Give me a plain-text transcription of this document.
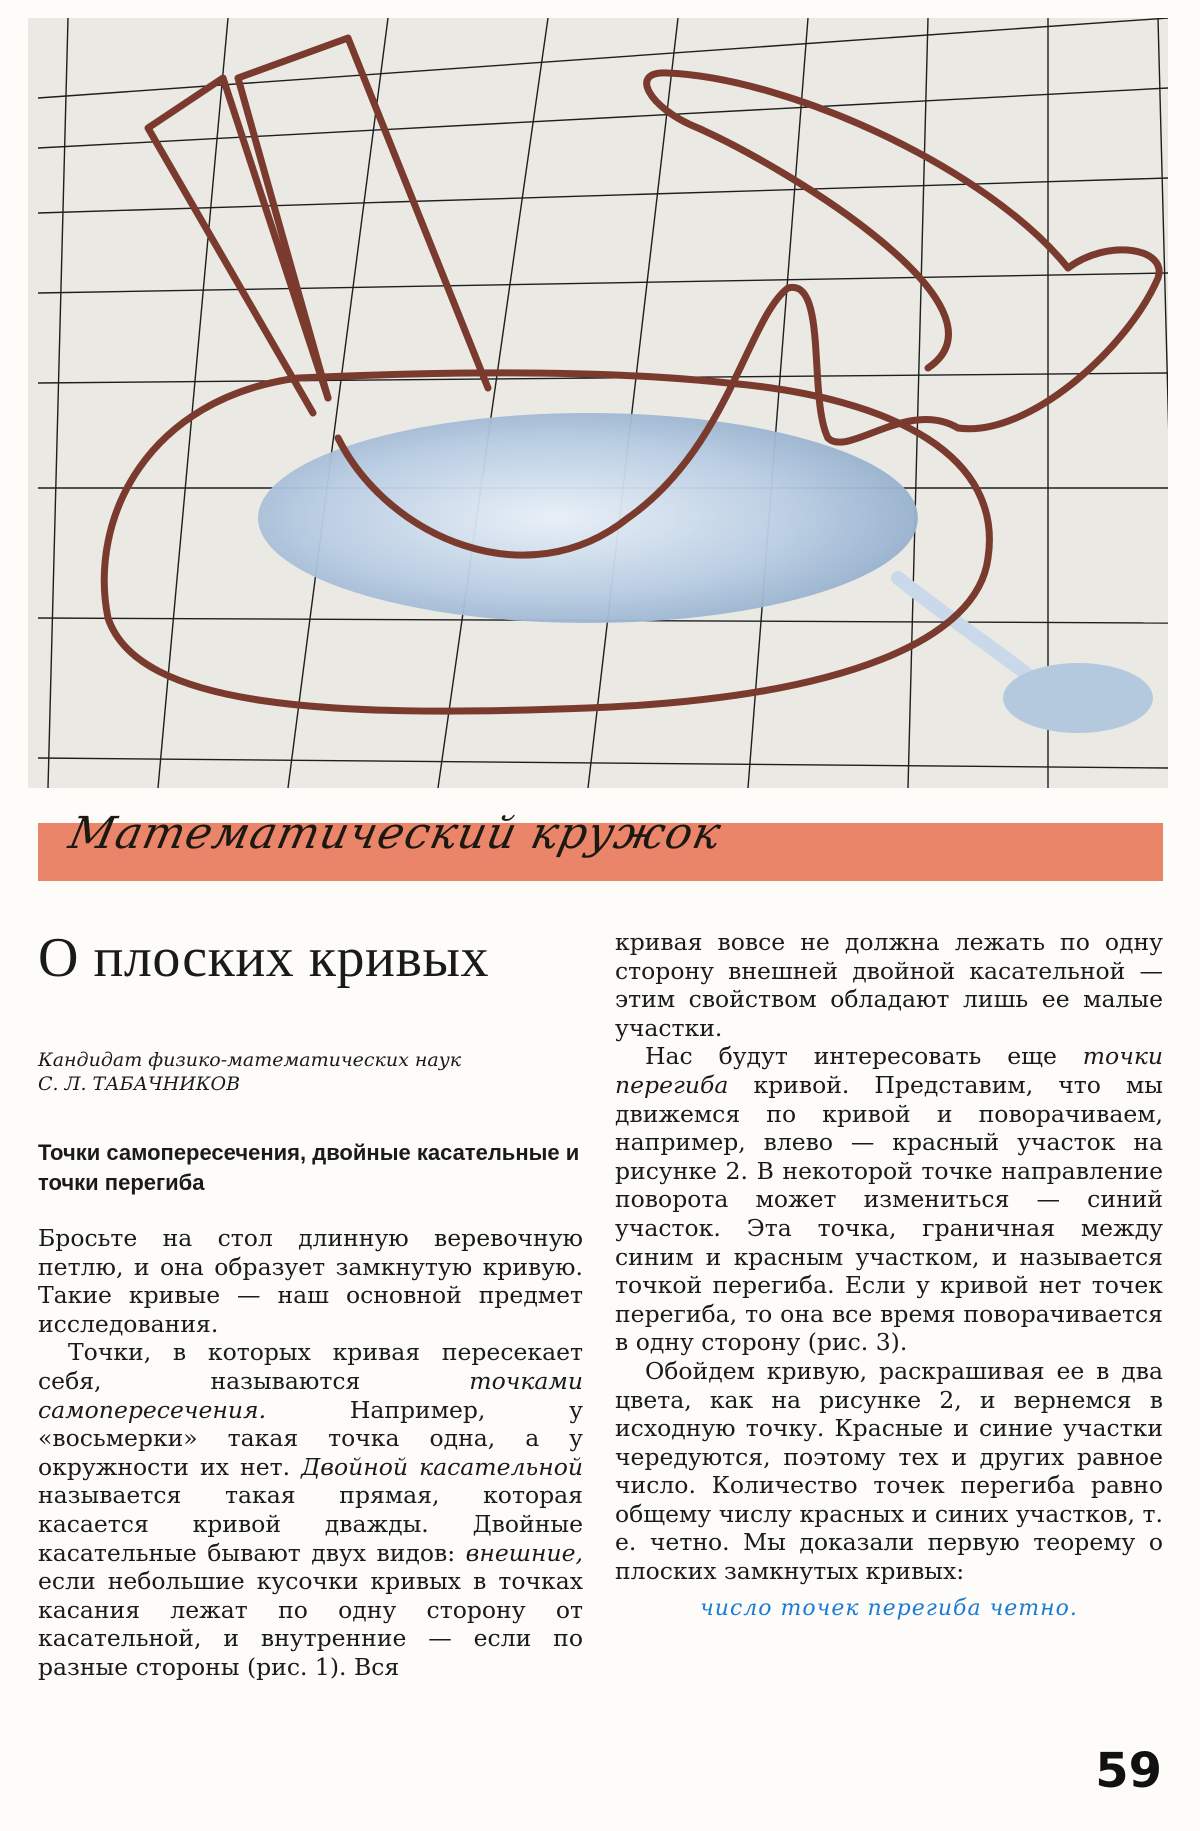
Математический кружок
О плоских кривых

Кандидат физико-математических наук

С. Л. ТАБАЧНИКОВ

Точки самопересечения, двойные касательные и точки перегиба

Бросьте на стол длинную веревочную петлю, и она образует замкнутую кривую. Такие кривые — наш основной предмет исследования.

Точки, в которых кривая пересекает себя, называются точками самопересечения. Например, у «восьмерки» такая точка одна, а у окружности их нет. Двойной касательной называется такая прямая, которая касается кривой дважды. Двойные касательные бывают двух видов: внешние, если небольшие кусочки кривых в точках касания лежат по одну сторону от касательной, и внутренние — если по разные стороны (рис. 1). Вся

кривая вовсе не должна лежать по одну сторону внешней двойной касательной — этим свойством обладают лишь ее малые участки.

Нас будут интересовать еще точки перегиба кривой. Представим, что мы движемся по кривой и поворачиваем, например, влево — красный участок на рисунке 2. В некоторой точке направление поворота может измениться — синий участок. Эта точка, граничная между синим и красным участком, и называется точкой перегиба. Если у кривой нет точек перегиба, то она все время поворачивается в одну сторону (рис. 3).

Обойдем кривую, раскрашивая ее в два цвета, как на рисунке 2, и вернемся в исходную точку. Красные и синие участки чередуются, поэтому тех и других равное число. Количество точек перегиба равно общему числу красных и синих участков, т. е. четно. Мы доказали первую теорему о плоских замкнутых кривых:

число точек перегиба четно.
59
